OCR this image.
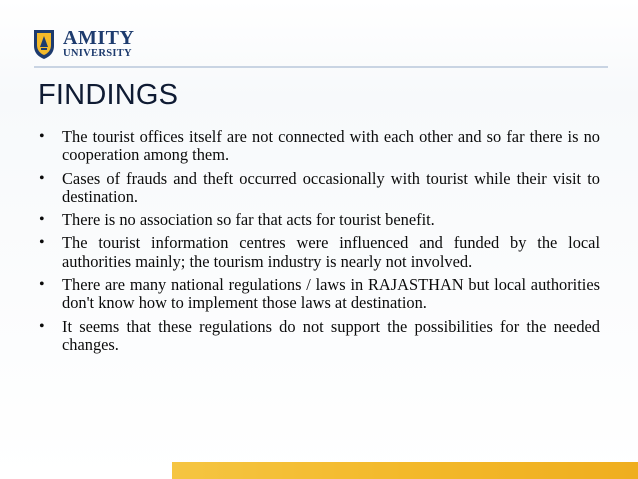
AMITY
UNIVERSITY
FINDINGS
• The tourist offices itself are not connected with each other and so far there is no cooperation among them.
• Cases of frauds and theft occurred occasionally with tourist while their visit to destination.
• There is no association so far that acts for tourist benefit.
• The tourist information centres were influenced and funded by the local authorities mainly; the tourism industry is nearly not involved.
• There are many national regulations / laws in RAJASTHAN but local authorities don't know how to implement those laws at destination.
• It seems that these regulations do not support the possibilities for the needed changes.
